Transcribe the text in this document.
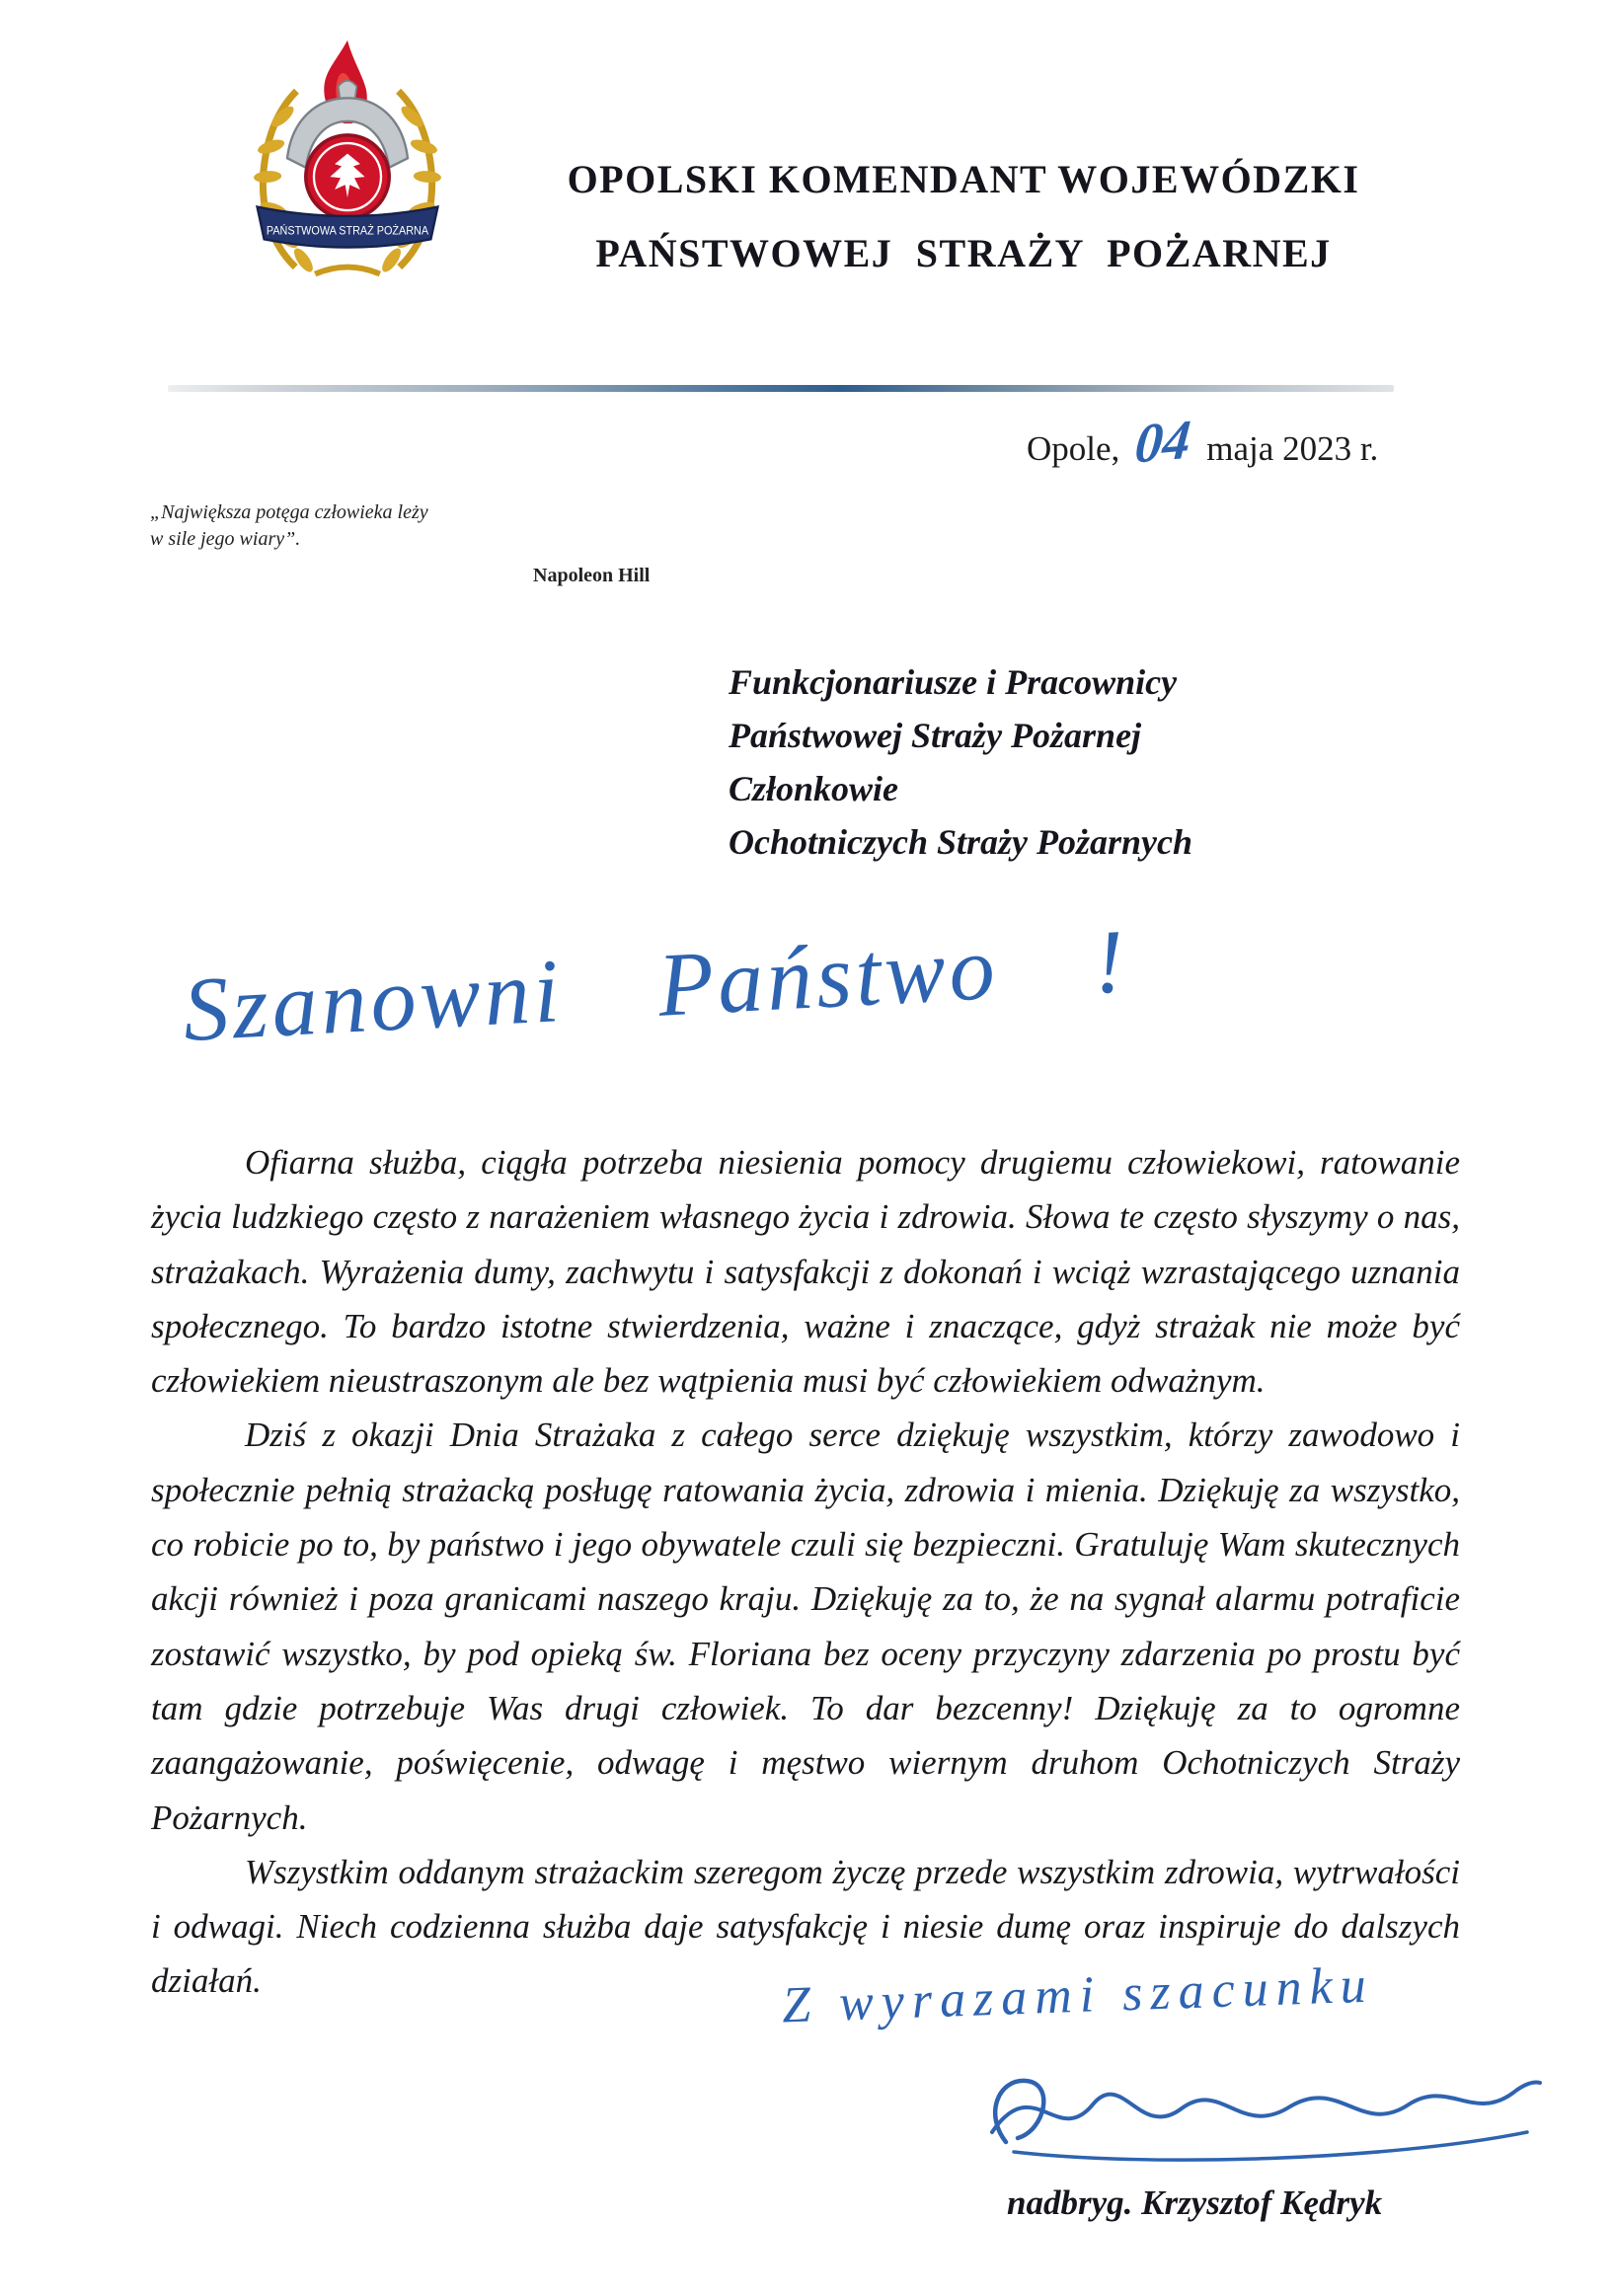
PAŃSTWOWA STRAŻ POŻARNA
OPOLSKI KOMENDANT WOJEWÓDZKI
PAŃSTWOWEJ STRAŻY POŻARNEJ
Opole, 04 maja 2023 r.
„Największa potęga człowieka leży
w sile jego wiary”.
Napoleon Hill
Funkcjonariusze i Pracownicy
Państwowej Straży Pożarnej
Członkowie
Ochotniczych Straży Pożarnych
Szanowni Państwo !

Ofiarna służba, ciągła potrzeba niesienia pomocy drugiemu człowiekowi, ratowanie życia ludzkiego często z narażeniem własnego życia i zdrowia. Słowa te często słyszymy o nas, strażakach. Wyrażenia dumy, zachwytu i satysfakcji z dokonań i wciąż wzrastającego uznania społecznego. To bardzo istotne stwierdzenia, ważne i znaczące, gdyż strażak nie może być człowiekiem nieustraszonym ale bez wątpienia musi być człowiekiem odważnym.

Dziś z okazji Dnia Strażaka z całego serce dziękuję wszystkim, którzy zawodowo i społecznie pełnią strażacką posługę ratowania życia, zdrowia i mienia. Dziękuję za wszystko, co robicie po to, by państwo i jego obywatele czuli się bezpieczni. Gratuluję Wam skutecznych akcji również i poza granicami naszego kraju. Dziękuję za to, że na sygnał alarmu potraficie zostawić wszystko, by pod opieką św. Floriana bez oceny przyczyny zdarzenia po prostu być tam gdzie potrzebuje Was drugi człowiek. To dar bezcenny! Dziękuję za to ogromne zaangażowanie, poświęcenie, odwagę i męstwo wiernym druhom Ochotniczych Straży Pożarnych.

Wszystkim oddanym strażackim szeregom życzę przede wszystkim zdrowia, wytrwałości i odwagi. Niech codzienna służba daje satysfakcję i niesie dumę oraz inspiruje do dalszych działań.	Z wyrazami szacunku
nadbryg. Krzysztof Kędryk
